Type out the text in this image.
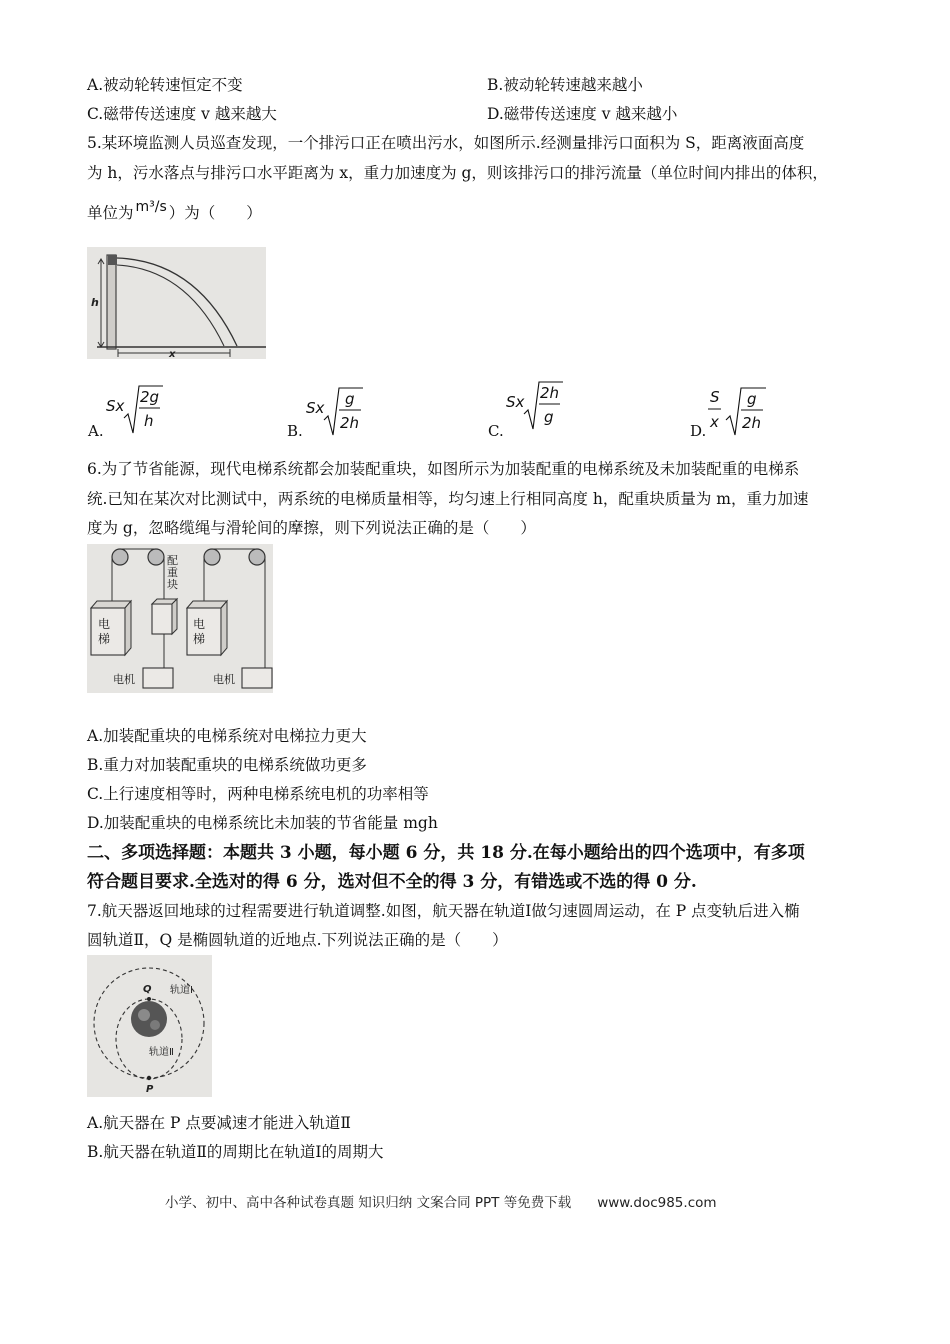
A.被动轮转速恒定不变	B.被动轮转速越来越小
C.磁带传送速度 v 越来越大	D.磁带传送速度 v 越来越小
5.某环境监测人员巡查发现，一个排污口正在喷出污水，如图所示.经测量排污口面积为 S，距离液面高度
为 h，污水落点与排污口水平距离为 x，重力加速度为 g，则该排污口的排污流量（单位时间内排出的体积，
单位为 m³/s ）为（　　）
h
x
A.	B.	C.	D.
Sx 2g
h
Sx g
2h
Sx 2h
g
S
x
g
2h
6.为了节省能源，现代电梯系统都会加装配重块，如图所示为加装配重的电梯系统及未加装配重的电梯系
统.已知在某次对比测试中，两系统的电梯质量相等，均匀速上行相同高度 h，配重块质量为 m，重力加速
度为 g，忽略缆绳与滑轮间的摩擦，则下列说法正确的是（　　）
电梯
配重块
电梯
电机	电机
A.加装配重块的电梯系统对电梯拉力更大
B.重力对加装配重块的电梯系统做功更多
C.上行速度相等时，两种电梯系统电机的功率相等
D.加装配重块的电梯系统比未加装的节省能量 mgh
二、多项选择题：本题共 3 小题，每小题 6 分，共 18 分.在每小题给出的四个选项中，有多项
符合题目要求.全选对的得 6 分，选对但不全的得 3 分，有错选或不选的得 0 分.
7.航天器返回地球的过程需要进行轨道调整.如图，航天器在轨道Ⅰ做匀速圆周运动，在 P 点变轨后进入椭
圆轨道Ⅱ，Q 是椭圆轨道的近地点.下列说法正确的是（　　）
Q
P
轨道Ⅰ
轨道Ⅱ
A.航天器在 P 点要减速才能进入轨道Ⅱ
B.航天器在轨道Ⅱ的周期比在轨道Ⅰ的周期大
小学、初中、高中各种试卷真题 知识归纳 文案合同 PPT 等免费下载 www.doc985.com
